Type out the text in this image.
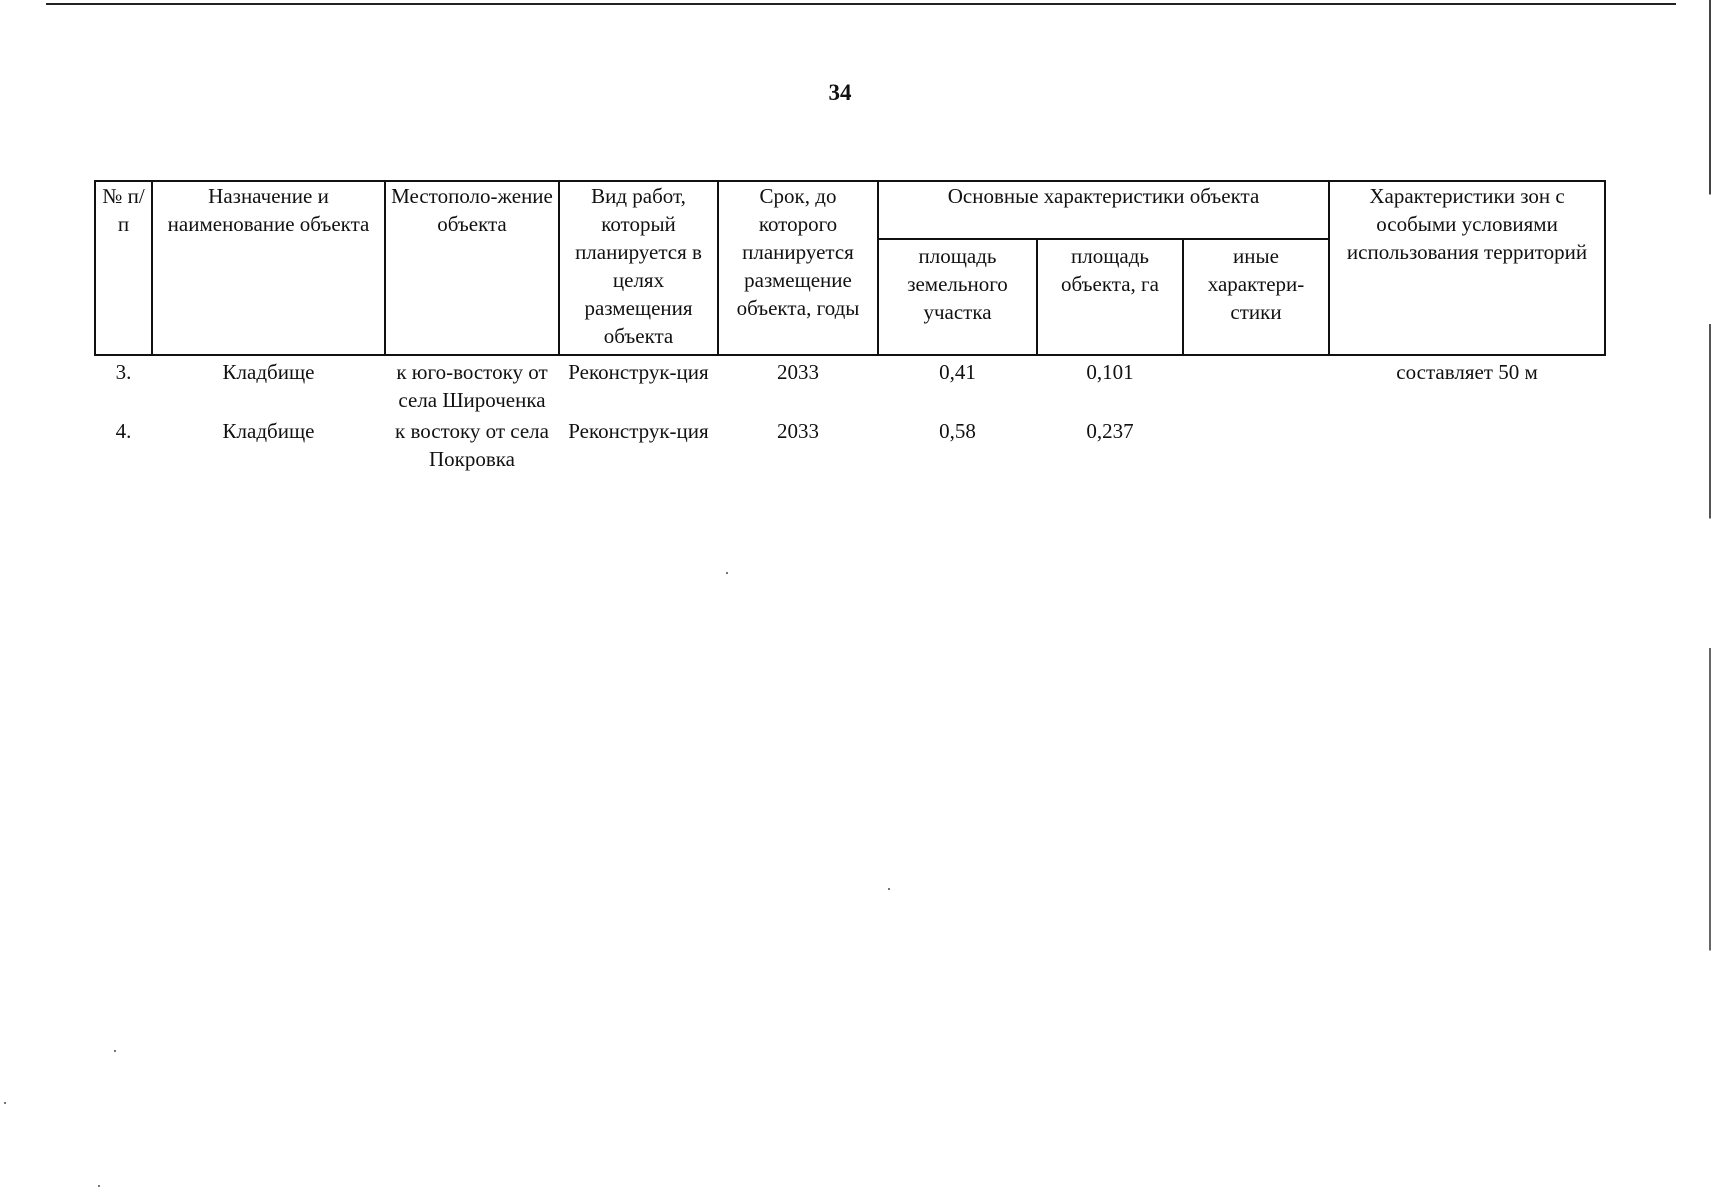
34
№ п/п	Назначение и наименование объекта	Местополо-жение объекта	Вид работ, который планируется в целях размещения объекта	Срок, до которого планируется размещение объекта, годы	Основные характеристики объекта			Характеристики зон с особыми условиями использования территорий
					площадь земельного участка	площадь объекта, га	иные характери-стики	
3.	Кладбище	к юго-востоку от села Широченка	Реконструк-ция	2033	0,41	0,101		составляет 50 м
4.	Кладбище	к востоку от села Покровка	Реконструк-ция	2033	0,58	0,237		
